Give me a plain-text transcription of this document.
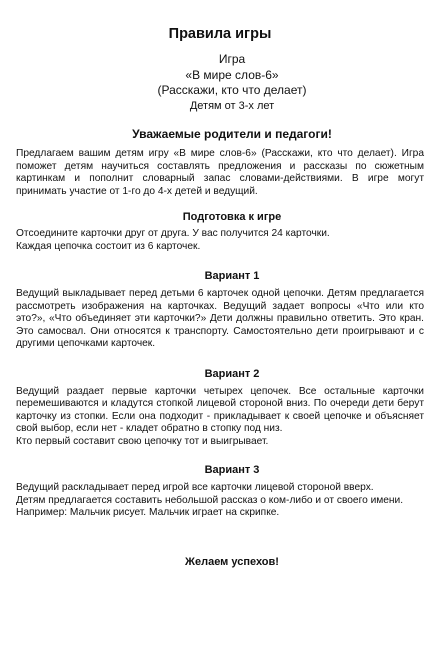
Правила игры
Игра
«В мире слов-6»
(Расскажи, кто что делает)
Детям от 3-х лет
Уважаемые родители и педагоги!

Предлагаем вашим детям игру «В мире слов-6» (Расскажи, кто что делает). Игра поможет детям научиться составлять предложения и рассказы по сюжетным картинкам и пополнит словарный запас словами-действиями. В игре могут принимать участие от 1-го до 4-х детей и ведущий.

Подготовка к игре
Отсоедините карточки друг от друга. У вас получится 24 карточки.
Каждая цепочка состоит из 6 карточек.
Вариант 1

Ведущий выкладывает перед детьми 6 карточек одной цепочки. Детям предлагается рассмотреть изображения на карточках. Ведущий задает вопросы «Что или кто это?», «Что объединяет эти карточки?» Дети должны правильно ответить. Это кран. Это самосвал. Они относятся к транспорту. Самостоятельно дети проигрывают и с другими цепочками карточек.

Вариант 2

Ведущий раздает первые карточки четырех цепочек. Все остальные карточки перемешиваются и кладутся стопкой лицевой стороной вниз. По очереди дети берут карточку из стопки. Если она подходит - прикладывает к своей цепочке и объясняет свой выбор, если нет - кладет обратно в стопку под низ.

Кто первый составит свою цепочку тот и выигрывает.
Вариант 3
Ведущий раскладывает перед игрой все карточки лицевой стороной вверх.
Детям предлагается составить небольшой рассказ о ком-либо и от своего имени.
Например: Мальчик рисует. Мальчик играет на скрипке.
Желаем успехов!
